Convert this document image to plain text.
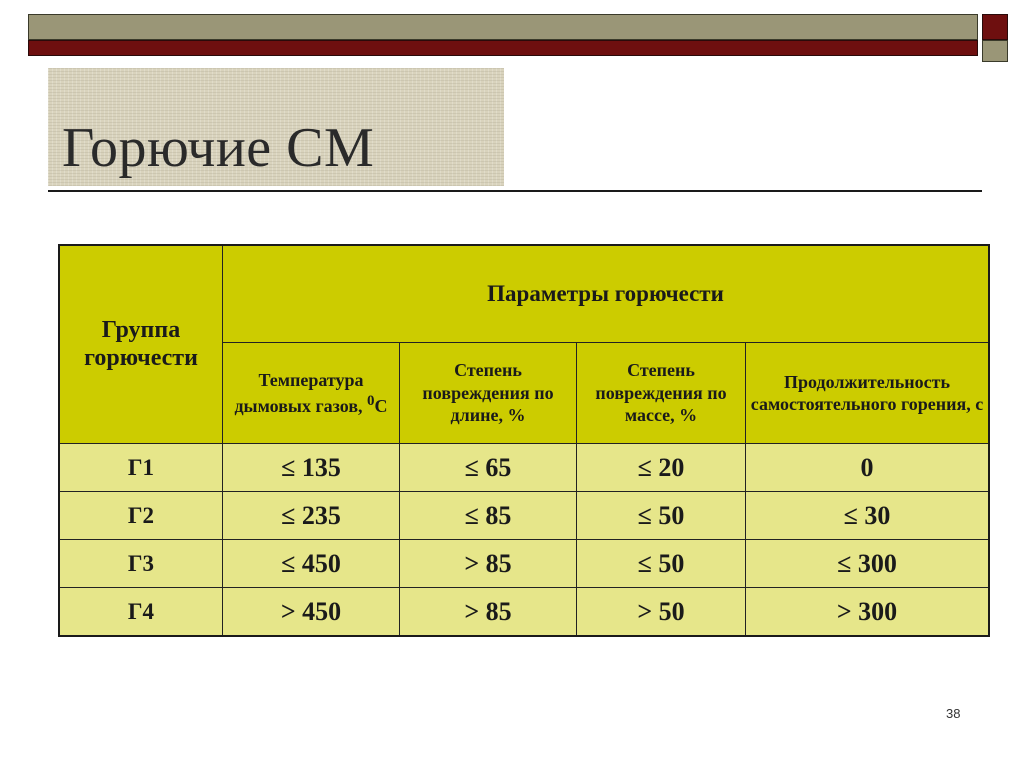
Горючие СМ
Группа горючести	Параметры горючести			
	Температура дымовых газов, $^0$С	Степень повреждения по длине, %	Степень повреждения по массе, %	Продолжительность самостоятельного горения, с
Г1	≤ 135	≤ 65	≤ 20	0
Г2	≤ 235	≤ 85	≤ 50	≤ 30
Г3	≤ 450	> 85	≤ 50	≤ 300
Г4	> 450	> 85	> 50	> 300
38
